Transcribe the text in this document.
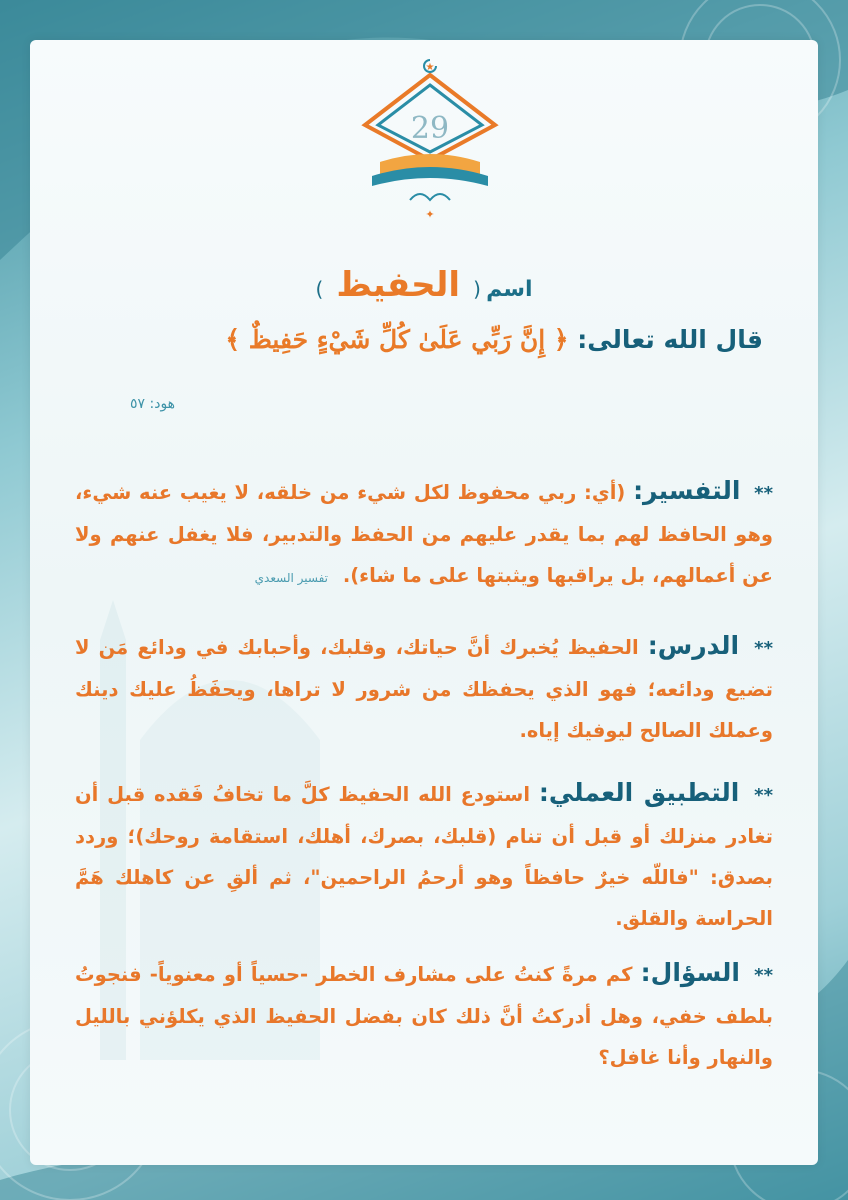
★
29
✦
اسم ( الحفيظ )
قال الله تعالى: ﴿ إِنَّ رَبِّي عَلَىٰ كُلِّ شَيْءٍ حَفِيظٌ ﴾
هود: ٥٧
** التفسير: (أي: ربي محفوظ لكل شيء من خلقه، لا يغيب عنه شيء، وهو الحافظ لهم بما يقدر عليهم من الحفظ والتدبير، فلا يغفل عنهم ولا عن أعمالهم، بل يراقبها ويثبتها على ما شاء). تفسير السعدي
** الدرس: الحفيظ يُخبرك أنَّ حياتك، وقلبك، وأحبابك في ودائع مَن لا تضيع ودائعه؛ فهو الذي يحفظك من شرور لا تراها، ويحفَظُ عليك دينك وعملك الصالح ليوفيك إياه.
** التطبيق العملي: استودع الله الحفيظ كلَّ ما تخافُ فَقده قبل أن تغادر منزلك أو قبل أن تنام (قلبك، بصرك، أهلك، استقامة روحك)؛ وردد بصدق: "فاللّه خيرٌ حافظاً وهو أرحمُ الراحمين"، ثم ألقِ عن كاهلك هَمَّ الحراسة والقلق.
** السؤال: كم مرةً كنتُ على مشارف الخطر -حسياً أو معنوياً- فنجوتُ بلطف خفي، وهل أدركتُ أنَّ ذلك كان بفضل الحفيظ الذي يكلؤني بالليل والنهار وأنا غافل؟
